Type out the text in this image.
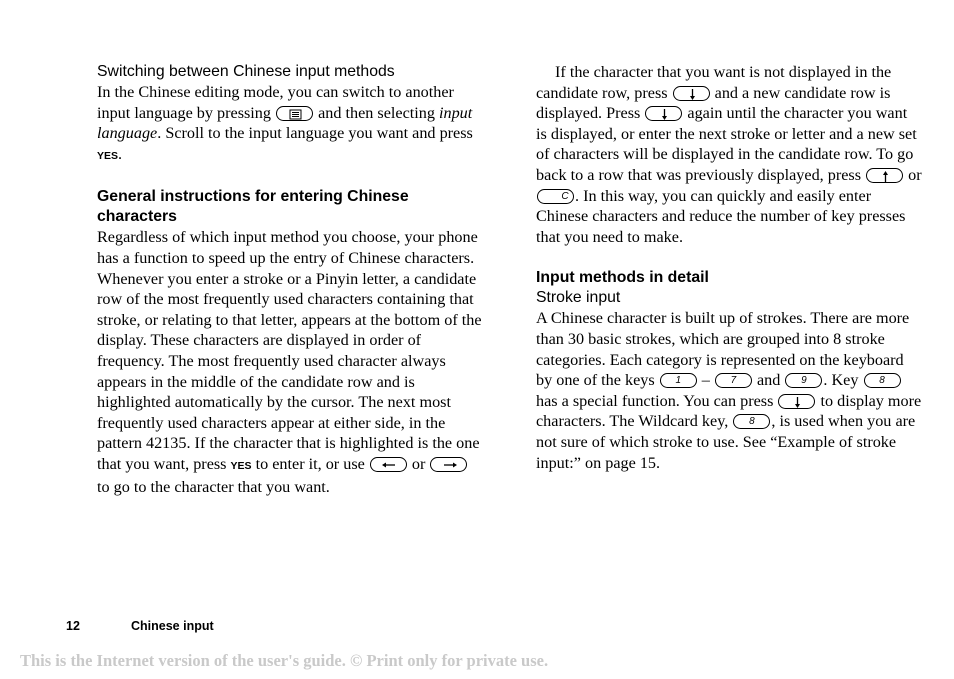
Switching between Chinese input methods

In the Chinese editing mode, you can switch to another input language by pressing	and then selecting input language. Scroll to the input language you want and press YES.

General instructions for entering Chinese characters

Regardless of which input method you choose, your phone has a function to speed up the entry of Chinese characters. Whenever you enter a stroke or a Pinyin letter, a candidate row of the most frequently used characters containing that stroke, or relating to that letter, appears at the bottom of the display. These characters are displayed in order of frequency. The most frequently used character always appears in the middle of the candidate row and is highlighted automatically by the cursor. The next most frequently used characters appear at either side, in the pattern 42135. If the character that is highlighted is the one that you want, press YES to enter it, or use	or
to go to the character that you want.

If the character that you want is not displayed in the candidate row, press	and a new candidate row is displayed. Press	again until the character you want is displayed, or enter the next stroke or letter and a new set of characters will be displayed in the candidate row. To go back to a row that was previously displayed, press	or
C . In this way, you can quickly and easily enter Chinese characters and reduce the number of key presses that you need to make.

Input methods in detail
Stroke input

A Chinese character is built up of strokes. There are more than 30 basic strokes, which are grouped into 8 stroke categories. Each category is represented on the keyboard by one of the keys	1	–	7	and	9	. Key	8
has a special function. You can press	to display more characters. The Wildcard key,	8	, is used when you are not sure of which stroke to use. See “Example of stroke input:” on page 15.

12	Chinese input
This is the Internet version of the user's guide. © Print only for private use.
